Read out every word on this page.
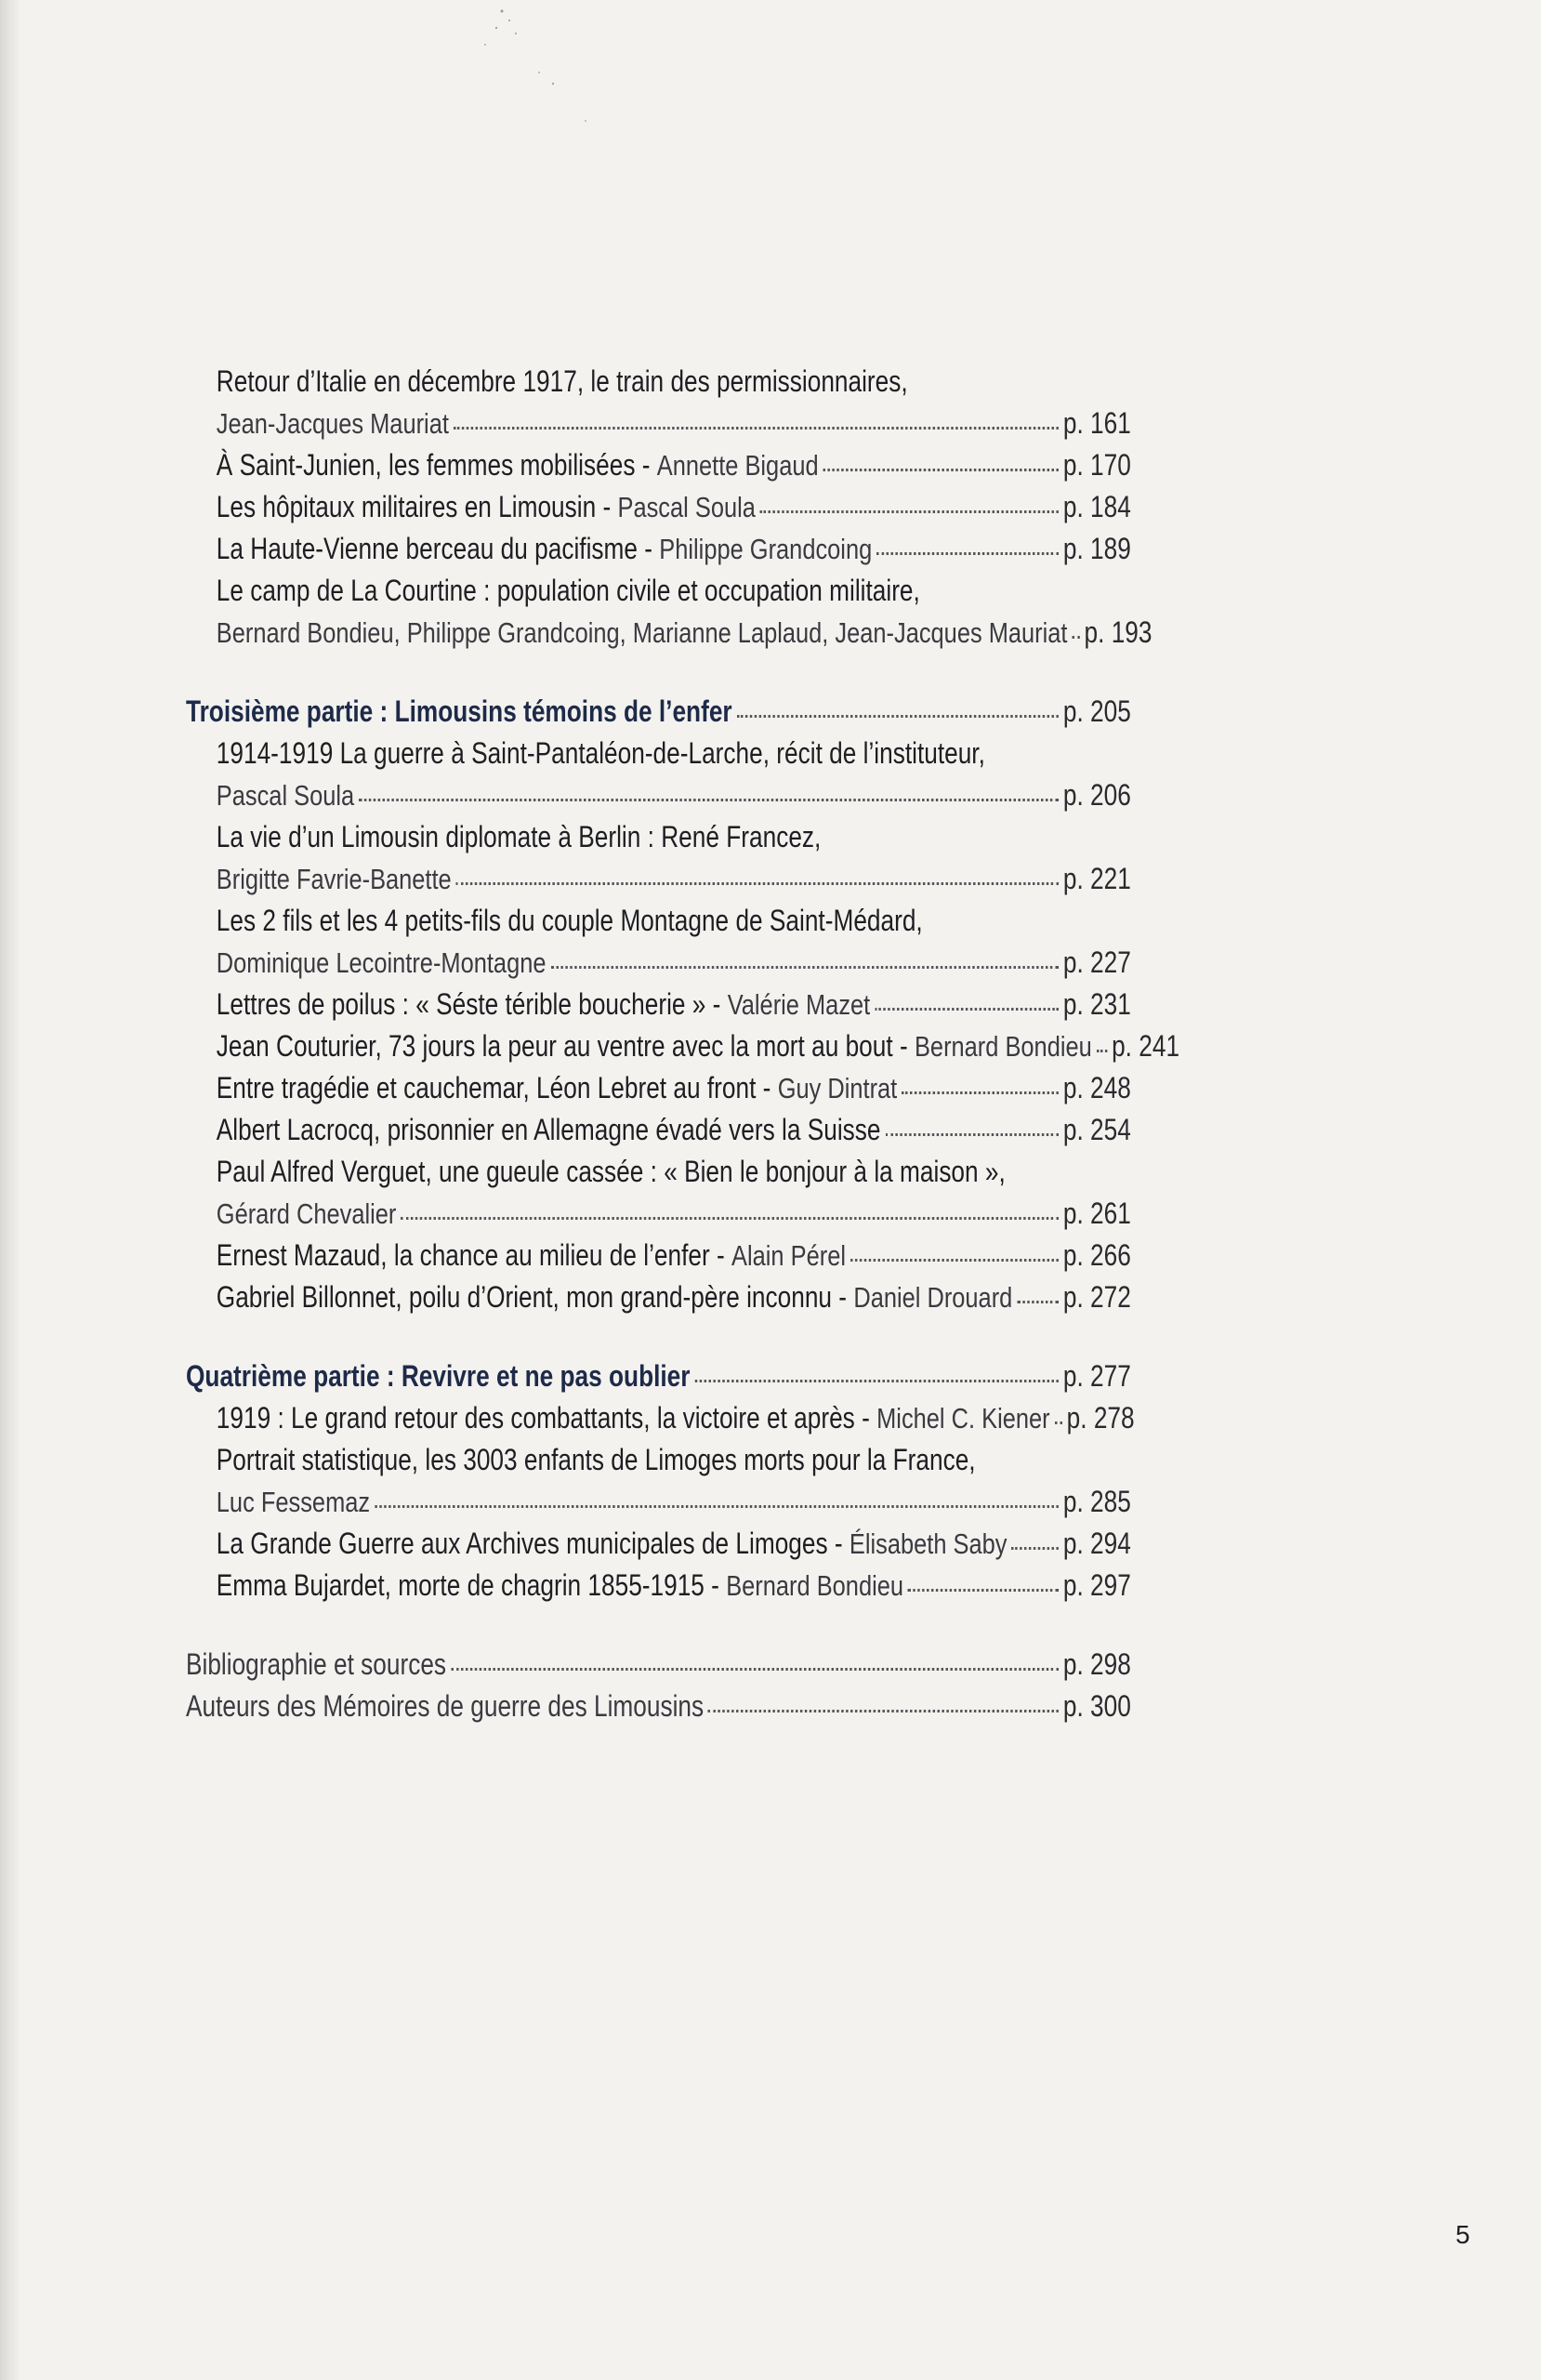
Retour d’Italie en décembre 1917, le train des permissionnaires,
Jean-Jacques Mauriat	p. 161
À Saint-Junien, les femmes mobilisées -
Annette Bigaud	p. 170
Les hôpitaux militaires en Limousin -
Pascal Soula	p. 184
La Haute-Vienne berceau du pacifisme -
Philippe Grandcoing	p. 189
Le camp de La Courtine : population civile et occupation militaire,
Bernard Bondieu, Philippe Grandcoing, Marianne Laplaud, Jean-Jacques Mauriat p. 193
Troisième partie : Limousins témoins de l’enfer	p. 205
1914-1919 La guerre à Saint-Pantaléon-de-Larche, récit de l’instituteur,
Pascal Soula	p. 206
La vie d’un Limousin diplomate à Berlin : René Francez,
Brigitte Favrie-Banette	p. 221
Les 2 fils et les 4 petits-fils du couple Montagne de Saint-Médard,
Dominique Lecointre-Montagne	p. 227
Lettres de poilus : « Séste térible boucherie » -
Valérie Mazet	p. 231
Jean Couturier, 73 jours la peur au ventre avec la mort au bout -
Bernard Bondieu p. 241
Entre tragédie et cauchemar, Léon Lebret au front -
Guy Dintrat	p. 248
Albert Lacrocq, prisonnier en Allemagne évadé vers la Suisse	p. 254
Paul Alfred Verguet, une gueule cassée : « Bien le bonjour à la maison »,
Gérard Chevalier	p. 261
Ernest Mazaud, la chance au milieu de l’enfer -
Alain Pérel	p. 266
Gabriel Billonnet, poilu d’Orient, mon grand-père inconnu -
Daniel Drouard p. 272
Quatrième partie : Revivre et ne pas oublier	p. 277
1919 : Le grand retour des combattants, la victoire et après -
Michel C. Kiener p. 278
Portrait statistique, les 3003 enfants de Limoges morts pour la France,
Luc Fessemaz	p. 285
La Grande Guerre aux Archives municipales de Limoges -
Élisabeth Saby p. 294
Emma Bujardet, morte de chagrin 1855-1915 -
Bernard Bondieu	p. 297
Bibliographie et sources	p. 298
Auteurs des Mémoires de guerre des Limousins	p. 300
5
